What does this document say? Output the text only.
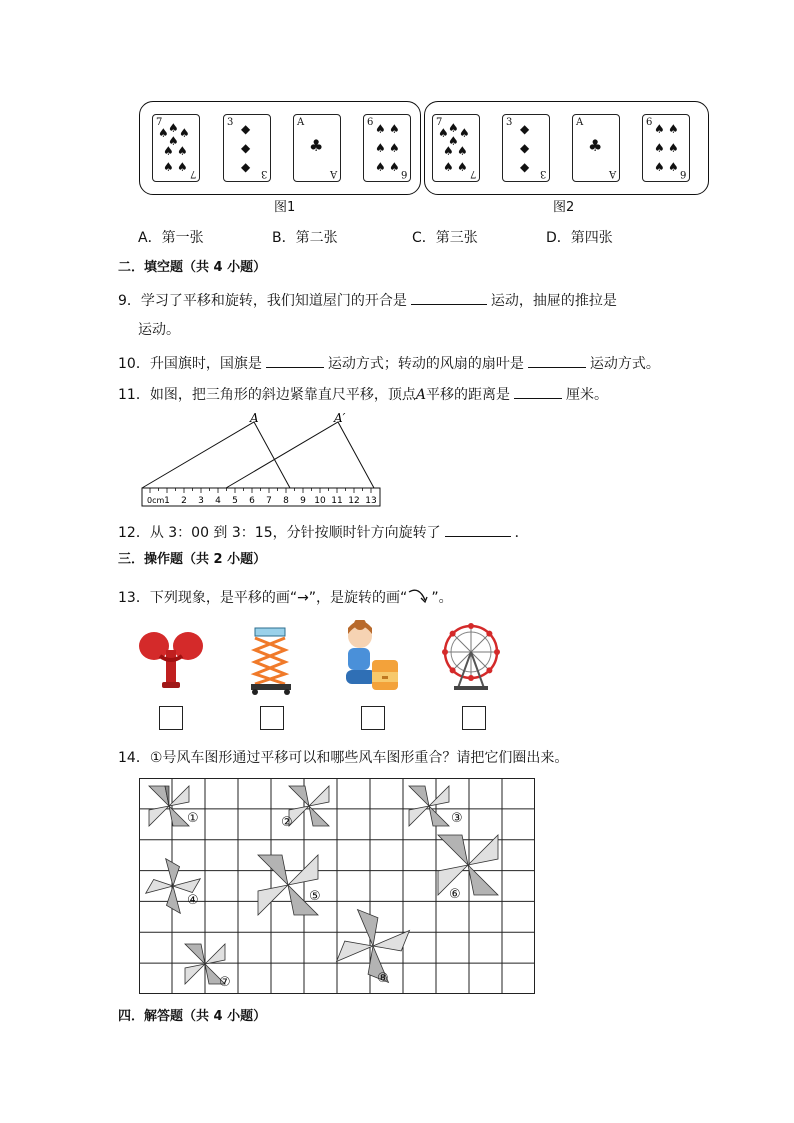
7
♠ ♠ ♠
♠
♠ ♠
♠ ♠ 7
3 ◆
◆
◆ 3
A
♣
A
6 ♠ ♠
♠ ♠
♠ ♠ 6
7
♠ ♠ ♠
♠
♠ ♠
♠ ♠ 7
3 ◆
◆
◆ 3
A
♣
A
6 ♠ ♠
♠ ♠
♠ ♠ 6
图1	图2
A．第一张	B．第二张	C．第三张	D．第四张
二．填空题（共 4 小题）
9．学习了平移和旋转，我们知道屋门的开合是	运动，抽屉的推拉是
运动。
10．升国旗时，国旗是	运动方式；转动的风扇的扇叶是	运动方式。
11．如图，把三角形的斜边紧靠直尺平移，顶点A平移的距离是	厘米。
A	A′
0cm 1 2 3 4 5 6 7 8 9 10 11 12 13
12．从 3：00 到 3：15，分针按顺时针方向旋转了	．
三．操作题（共 2 小题）
13．下列现象，是平移的画“→”，是旋转的画“ ”。
14．①号风车图形通过平移可以和哪些风车图形重合？请把它们圈出来。
①	②	③
④	⑤	⑥
⑦	⑧
四．解答题（共 4 小题）
